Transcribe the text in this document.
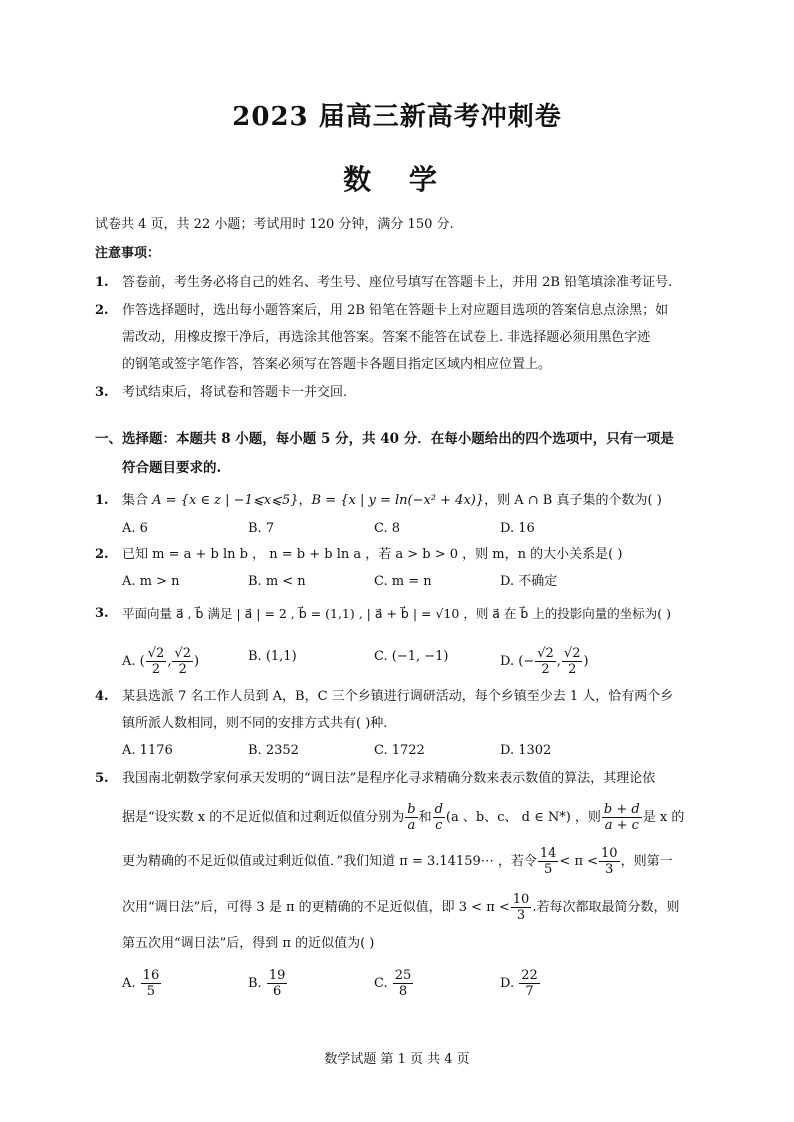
2023 届高三新高考冲刺卷
数 学
试卷共 4 页，共 22 小题；考试用时 120 分钟，满分 150 分.
注意事项：
1. 答卷前，考生务必将自己的姓名、考生号、座位号填写在答题卡上，并用 2B 铅笔填涂准考证号.
2. 作答选择题时，选出每小题答案后，用 2B 铅笔在答题卡上对应题目选项的答案信息点涂黑；如
需改动，用橡皮擦干净后，再选涂其他答案。答案不能答在试卷上. 非选择题必须用黑色字迹
的钢笔或签字笔作答，答案必须写在答题卡各题目指定区域内相应位置上。
3. 考试结束后，将试卷和答题卡一并交回.
一、选择题：本题共 8 小题，每小题 5 分，共 40 分．在每小题给出的四个选项中，只有一项是
符合题目要求的.
1. 集合 A = {x ∈ z | −1⩽x⩽5}，B = {x | y = ln(−x² + 4x)}，则 A ∩ B 真子集的个数为( )
A. 6	B. 7	C. 8	D. 16
2. 已知 m = a + b ln b ， n = b + b ln a ，若 a > b > 0 ，则 m，n 的大小关系是( )
A. m > n	B. m < n	C. m = n	D. 不确定
3. 平面向量 a⃗ , b⃗ 满足 | a⃗ | = 2 , b⃗ = (1,1) , | a⃗ + b⃗ | = √10 ，则 a⃗ 在 b⃗ 上的投影向量的坐标为( )
A. ( $\frac{√2}{2}$ , $\frac{√2}{2}$ )	B. (1,1)	C. (−1, −1)	D. (− $\frac{√2}{2}$ , $\frac{√2}{2}$ )
4. 某县选派 7 名工作人员到 A，B，C 三个乡镇进行调研活动，每个乡镇至少去 1 人，恰有两个乡
镇所派人数相同，则不同的安排方式共有( )种.
A. 1176	B. 2352	C. 1722	D. 1302
5. 我国南北朝数学家何承天发明的“调日法”是程序化寻求精确分数来表示数值的算法，其理论依
据是“设实数 x 的不足近似值和过剩近似值分别为 $\frac{b}{a}$ 和 $\frac{d}{c} (a$ 、b、c、 d ∈ N*) ，则 $\frac{b + d}{a + c}$ 是 x 的
更为精确的不足近似值或过剩近似值．”我们知道 π = 3.14159⋯ ，若令 $\frac{14}{5} < \pi < \frac{10}{3}$ ，则第一
次用“调日法”后，可得 3 是 π 的更精确的不足近似值，即 $3 < \pi < \frac{10}{3}$ .若每次都取最简分数，则
第五次用“调日法”后，得到 π 的近似值为( )
A. $\frac{16}{5}$	B. $\frac{19}{6}$	C. $\frac{25}{8}$	D. $\frac{22}{7}$
数学试题 第 1 页 共 4 页
